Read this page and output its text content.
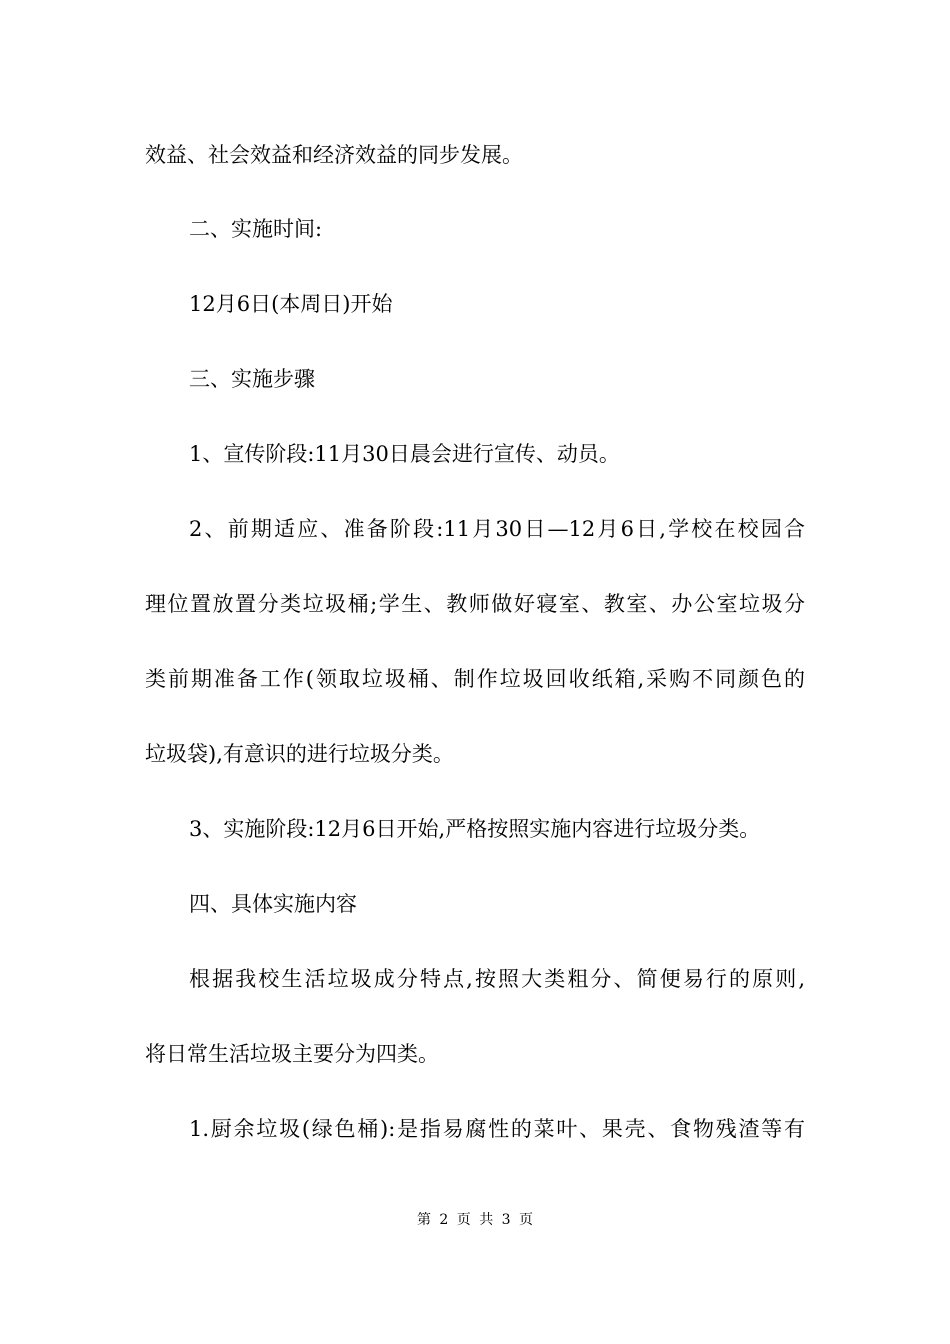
效益、社会效益和经济效益的同步发展。
二、实施时间:
12月6日(本周日)开始
三、实施步骤
1、宣传阶段:11月30日晨会进行宣传、动员。
2、前期适应、准备阶段:11月30日—12月6日,学校在校园合
理位置放置分类垃圾桶;学生、教师做好寝室、教室、办公室垃圾分
类前期准备工作(领取垃圾桶、制作垃圾回收纸箱,采购不同颜色的
垃圾袋),有意识的进行垃圾分类。
3、实施阶段:12月6日开始,严格按照实施内容进行垃圾分类。
四、具体实施内容
根据我校生活垃圾成分特点,按照大类粗分、简便易行的原则,
将日常生活垃圾主要分为四类。
1.厨余垃圾(绿色桶):是指易腐性的菜叶、果壳、食物残渣等有
第 2 页 共 3 页
